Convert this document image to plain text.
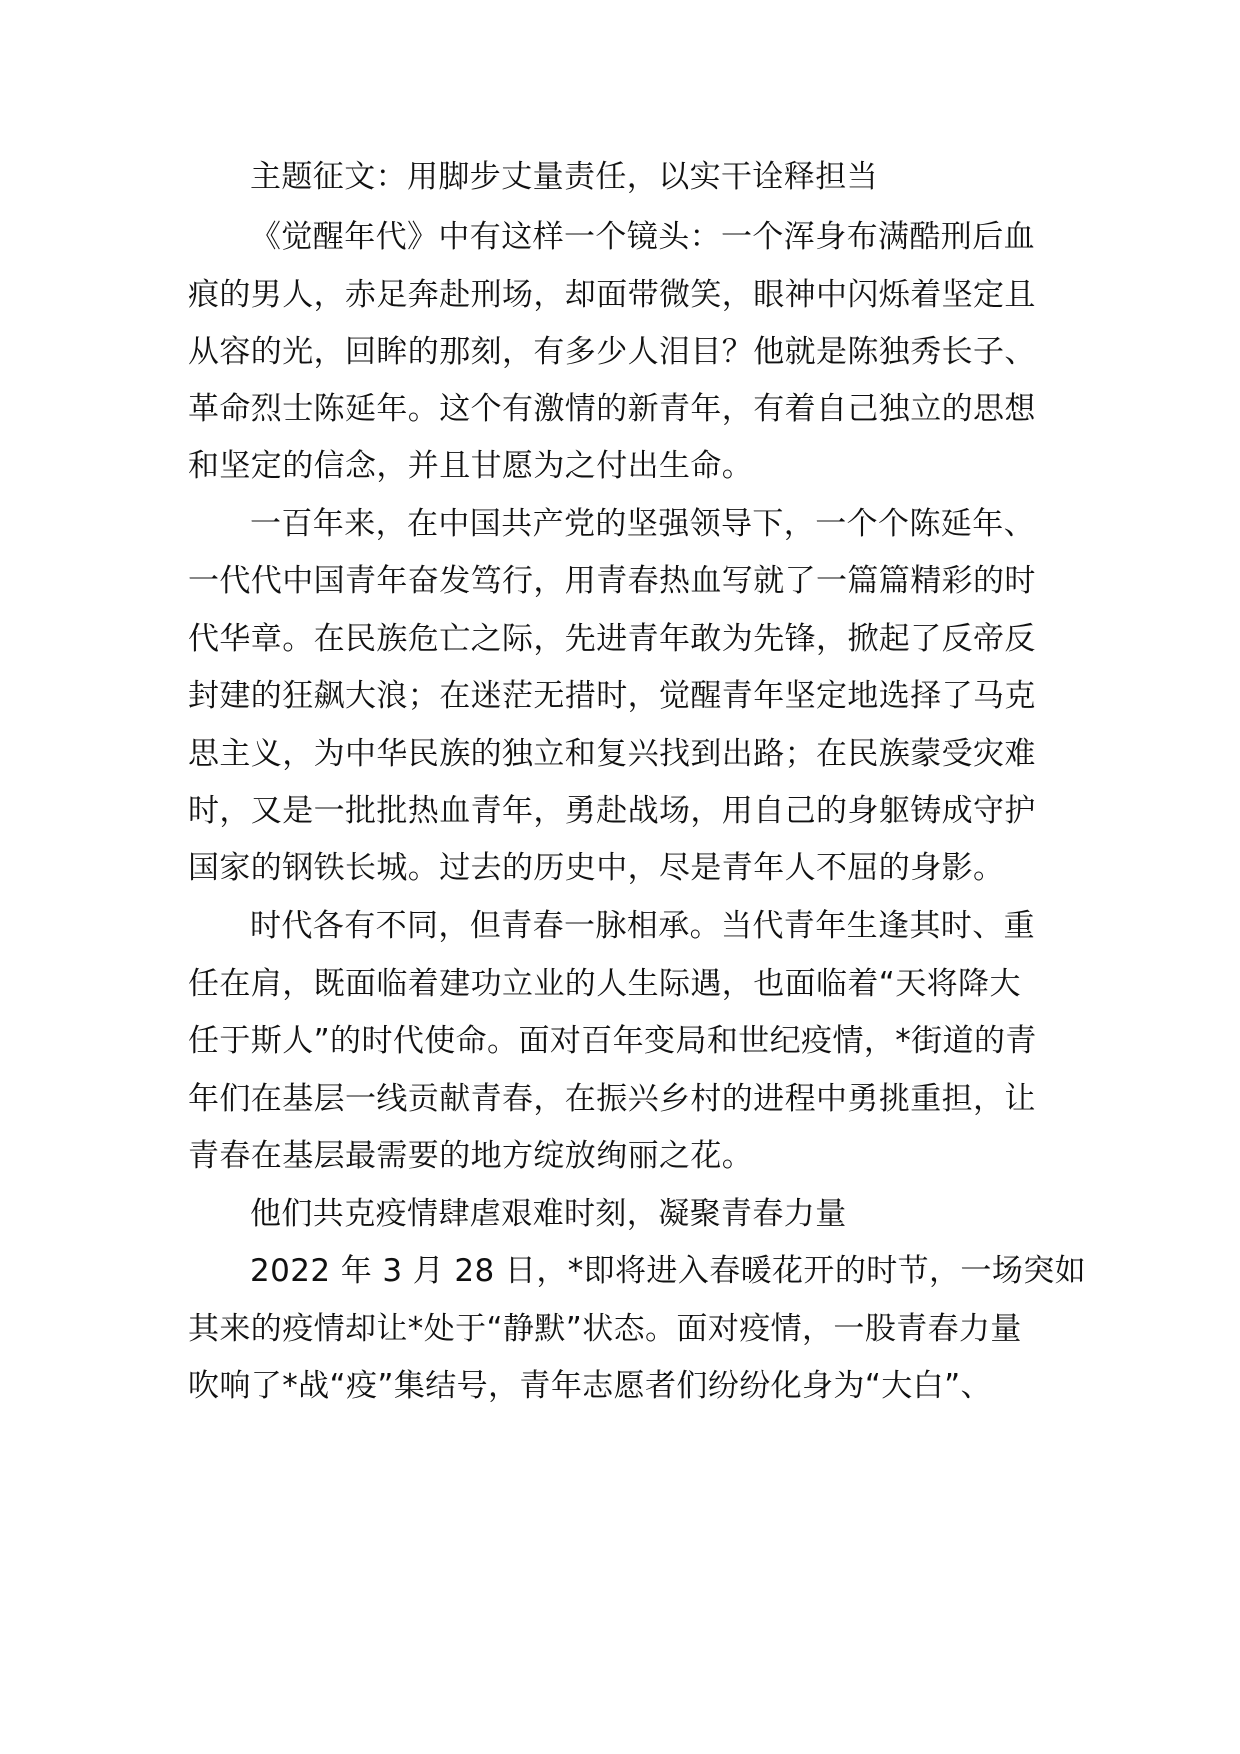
主题征文：用脚步丈量责任，以实干诠释担当
《觉醒年代》中有这样一个镜头：一个浑身布满酷刑后血
痕的男人，赤足奔赴刑场，却面带微笑，眼神中闪烁着坚定且
从容的光，回眸的那刻，有多少人泪目？他就是陈独秀长子、
革命烈士陈延年。这个有激情的新青年，有着自己独立的思想
和坚定的信念，并且甘愿为之付出生命。
一百年来，在中国共产党的坚强领导下，一个个陈延年、
一代代中国青年奋发笃行，用青春热血写就了一篇篇精彩的时
代华章。在民族危亡之际，先进青年敢为先锋，掀起了反帝反
封建的狂飙大浪；在迷茫无措时，觉醒青年坚定地选择了马克
思主义，为中华民族的独立和复兴找到出路；在民族蒙受灾难
时，又是一批批热血青年，勇赴战场，用自己的身躯铸成守护
国家的钢铁长城。过去的历史中，尽是青年人不屈的身影。
时代各有不同，但青春一脉相承。当代青年生逢其时、重
任在肩，既面临着建功立业的人生际遇，也面临着“天将降大
任于斯人”的时代使命。面对百年变局和世纪疫情，*街道的青
年们在基层一线贡献青春，在振兴乡村的进程中勇挑重担，让
青春在基层最需要的地方绽放绚丽之花。
他们共克疫情肆虐艰难时刻，凝聚青春力量
2022 年 3 月 28 日，*即将进入春暖花开的时节，一场突如
其来的疫情却让*处于“静默”状态。面对疫情，一股青春力量
吹响了*战“疫”集结号，青年志愿者们纷纷化身为“大白”、
